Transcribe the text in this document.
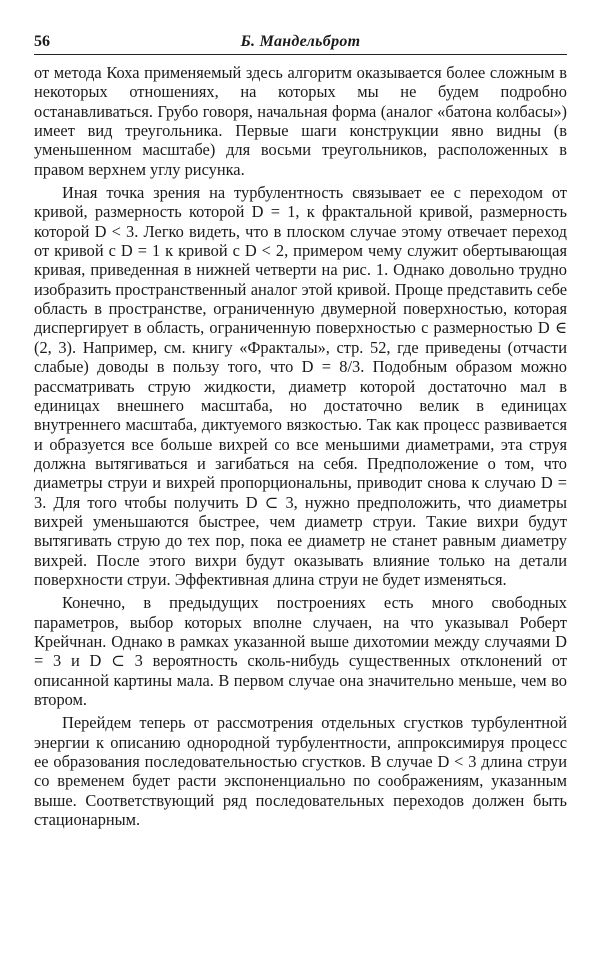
56	Б. Мандельброт

от метода Коха применяемый здесь алгоритм оказывается более сложным в некоторых отношениях, на которых мы не будем подробно останавливаться. Грубо говоря, начальная форма (аналог «батона колбасы») имеет вид треугольника. Первые шаги конструкции явно видны (в уменьшенном масштабе) для восьми треугольников, расположенных в правом верхнем углу рисунка.

Иная точка зрения на турбулентность связывает ее с переходом от кривой, размерность которой D = 1, к фрактальной кривой, размерность которой D < 3. Легко видеть, что в плоском случае этому отвечает переход от кривой с D = 1 к кривой с D < 2, примером чему служит обертывающая кривая, приведенная в нижней четверти на рис. 1. Однако довольно трудно изобразить пространственный аналог этой кривой. Проще представить себе область в пространстве, ограниченную двумерной поверхностью, которая диспергирует в область, ограниченную поверхностью с размерностью D ∈ (2, 3). Например, см. книгу «Фракталы», стр. 52, где приведены (отчасти слабые) доводы в пользу того, что D = 8/3. Подобным образом можно рассматривать струю жидкости, диаметр которой достаточно мал в единицах внешнего масштаба, но достаточно велик в единицах внутреннего масштаба, диктуемого вязкостью. Так как процесс развивается и образуется все больше вихрей со все меньшими диаметрами, эта струя должна вытягиваться и загибаться на себя. Предположение о том, что диаметры струи и вихрей пропорциональны, приводит снова к случаю D = 3. Для того чтобы получить D ⊂ 3, нужно предположить, что диаметры вихрей уменьшаются быстрее, чем диаметр струи. Такие вихри будут вытягивать струю до тех пор, пока ее диаметр не станет равным диаметру вихрей. После этого вихри будут оказывать влияние только на детали поверхности струи. Эффективная длина струи не будет изменяться.

Конечно, в предыдущих построениях есть много свободных параметров, выбор которых вполне случаен, на что указывал Роберт Крейчнан. Однако в рамках указанной выше дихотомии между случаями D = 3 и D ⊂ 3 вероятность сколь-нибудь существенных отклонений от описанной картины мала. В первом случае она значительно меньше, чем во втором.

Перейдем теперь от рассмотрения отдельных сгустков турбулентной энергии к описанию однородной турбулентности, аппроксимируя процесс ее образования последовательностью сгустков. В случае D < 3 длина струи со временем будет расти экспоненциально по соображениям, указанным выше. Соответствующий ряд последовательных переходов должен быть стационарным.
